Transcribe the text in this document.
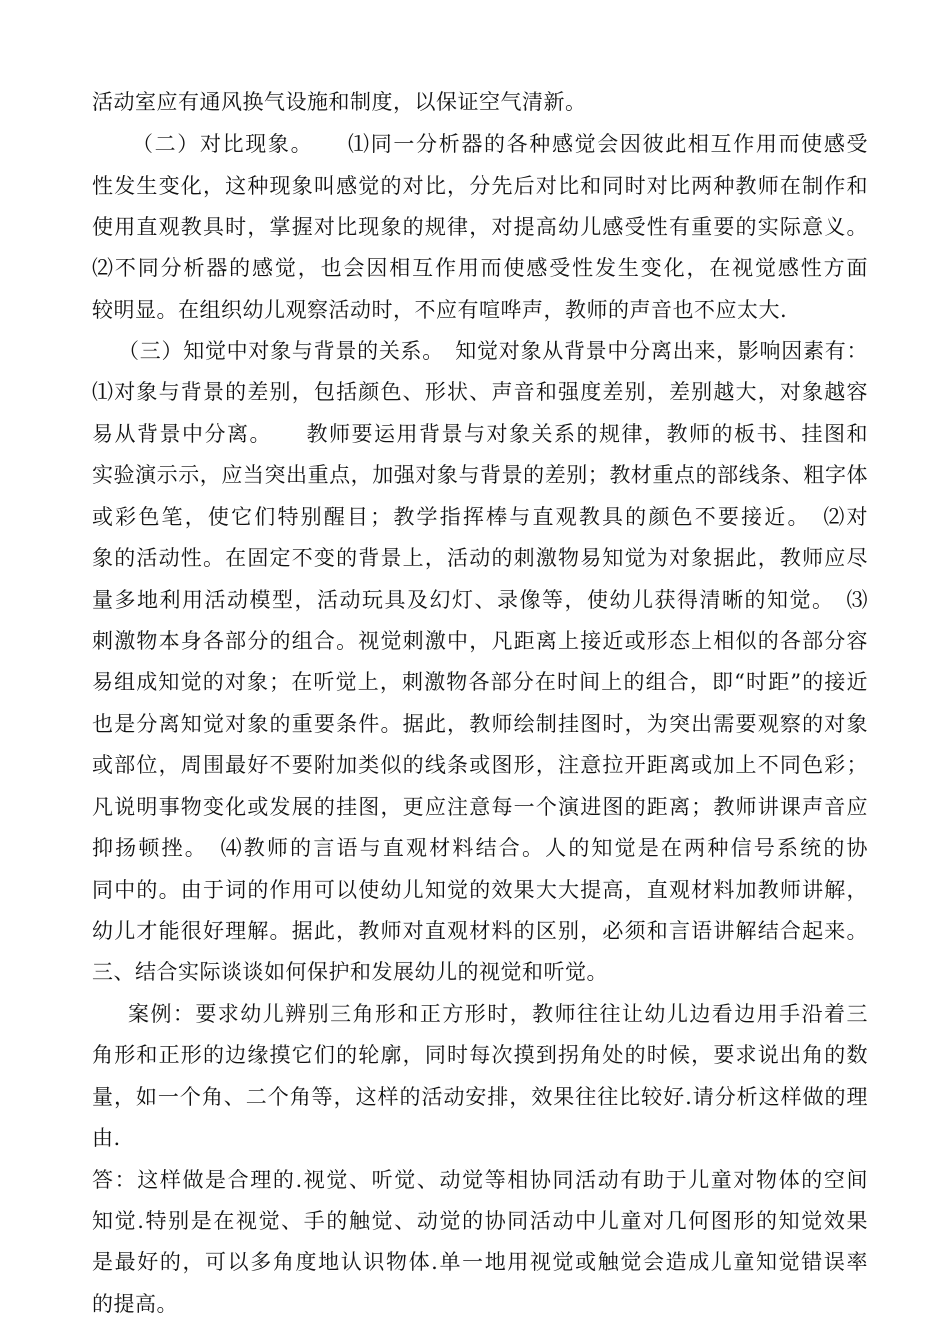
活动室应有通风换气设施和制度，以保证空气清新。
（二）对比现象。　　⑴同一分析器的各种感觉会因彼此相互作用而使感受
性发生变化，这种现象叫感觉的对比，分先后对比和同时对比两种教师在制作和
使用直观教具时，掌握对比现象的规律，对提高幼儿感受性有重要的实际意义。
⑵不同分析器的感觉，也会因相互作用而使感受性发生变化，在视觉感性方面
较明显。在组织幼儿观察活动时，不应有喧哗声，教师的声音也不应太大.
（三）知觉中对象与背景的关系。　知觉对象从背景中分离出来，影响因素有：
⑴对象与背景的差别，包括颜色、形状、声音和强度差别，差别越大，对象越容
易从背景中分离。　　教师要运用背景与对象关系的规律，教师的板书、挂图和
实验演示示，应当突出重点，加强对象与背景的差别；教材重点的部线条、粗字体
或彩色笔，使它们特别醒目；教学指挥棒与直观教具的颜色不要接近。　⑵对
象的活动性。在固定不变的背景上，活动的刺激物易知觉为对象据此，教师应尽
量多地利用活动模型，活动玩具及幻灯、录像等，使幼儿获得清晰的知觉。　⑶
刺激物本身各部分的组合。视觉刺激中，凡距离上接近或形态上相似的各部分容
易组成知觉的对象；在听觉上，刺激物各部分在时间上的组合，即“时距”的接近
也是分离知觉对象的重要条件。据此，教师绘制挂图时，为突出需要观察的对象
或部位，周围最好不要附加类似的线条或图形，注意拉开距离或加上不同色彩；
凡说明事物变化或发展的挂图，更应注意每一个演进图的距离；教师讲课声音应
抑扬顿挫。　⑷教师的言语与直观材料结合。人的知觉是在两种信号系统的协
同中的。由于词的作用可以使幼儿知觉的效果大大提高，直观材料加教师讲解，
幼儿才能很好理解。据此，教师对直观材料的区别，必须和言语讲解结合起来。
三、结合实际谈谈如何保护和发展幼儿的视觉和听觉。
案例：要求幼儿辨别三角形和正方形时，教师往往让幼儿边看边用手沿着三
角形和正形的边缘摸它们的轮廓，同时每次摸到拐角处的时候，要求说出角的数
量，如一个角、二个角等，这样的活动安排，效果往往比较好.请分析这样做的理
由.
答：这样做是合理的.视觉、听觉、动觉等相协同活动有助于儿童对物体的空间
知觉.特别是在视觉、手的触觉、动觉的协同活动中儿童对几何图形的知觉效果
是最好的，可以多角度地认识物体.单一地用视觉或触觉会造成儿童知觉错误率
的提高。
